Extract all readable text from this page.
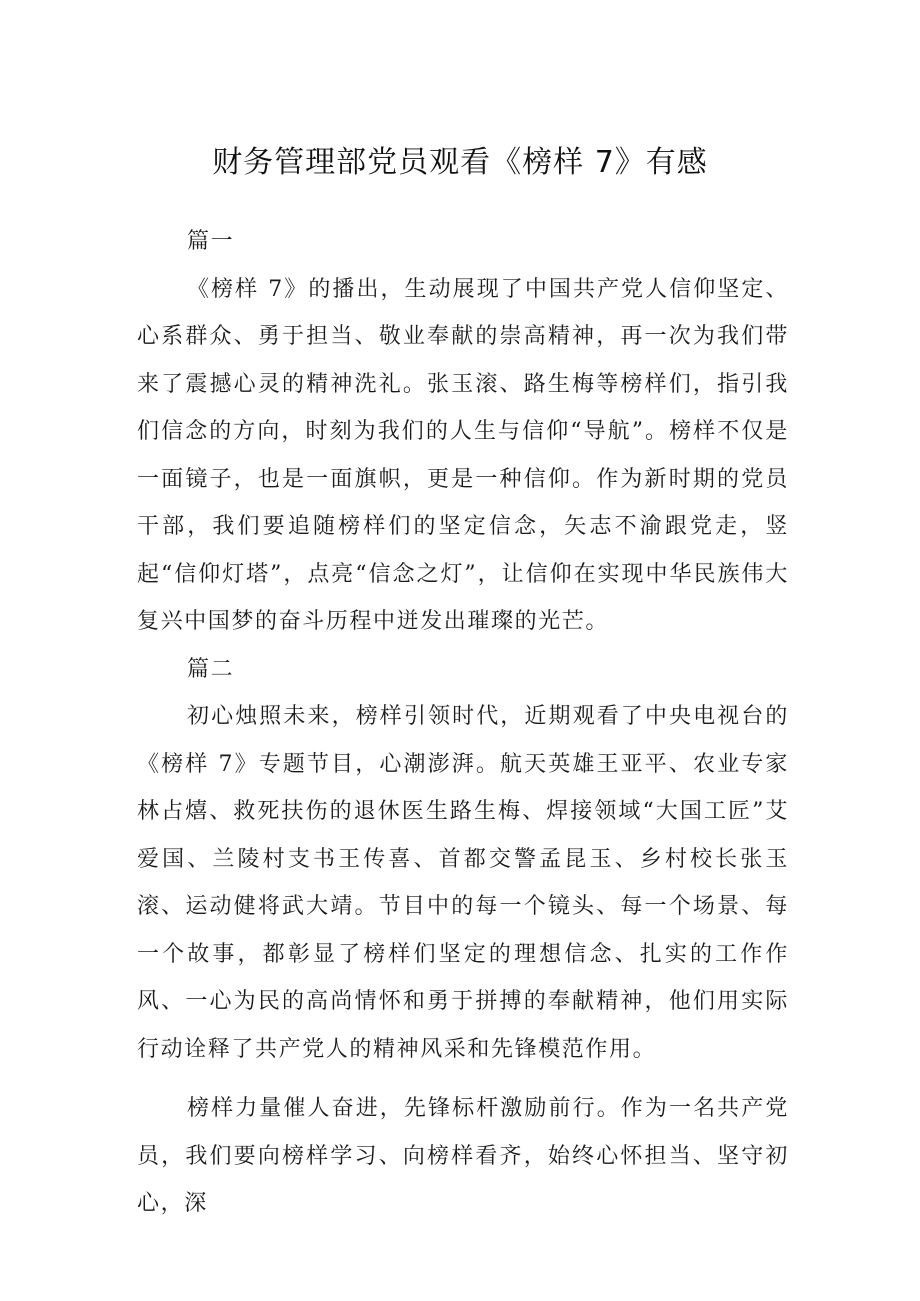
财务管理部党员观看《榜样 7》有感

篇一

《榜样 7》的播出，生动展现了中国共产党人信仰坚定、心系群众、勇于担当、敬业奉献的崇高精神，再一次为我们带来了震撼心灵的精神洗礼。张玉滚、路生梅等榜样们，指引我们信念的方向，时刻为我们的人生与信仰“导航”。榜样不仅是一面镜子，也是一面旗帜，更是一种信仰。作为新时期的党员干部，我们要追随榜样们的坚定信念，矢志不渝跟党走，竖起“信仰灯塔”，点亮“信念之灯”，让信仰在实现中华民族伟大复兴中国梦的奋斗历程中迸发出璀璨的光芒。

篇二

初心烛照未来，榜样引领时代，近期观看了中央电视台的《榜样 7》专题节目，心潮澎湃。航天英雄王亚平、农业专家林占熺、救死扶伤的退休医生路生梅、焊接领域“大国工匠”艾爱国、兰陵村支书王传喜、首都交警孟昆玉、乡村校长张玉滚、运动健将武大靖。节目中的每一个镜头、每一个场景、每一个故事，都彰显了榜样们坚定的理想信念、扎实的工作作风、一心为民的高尚情怀和勇于拼搏的奉献精神，他们用实际行动诠释了共产党人的精神风采和先锋模范作用。

榜样力量催人奋进，先锋标杆激励前行。作为一名共产党员，我们要向榜样学习、向榜样看齐，始终心怀担当、坚守初心，深
